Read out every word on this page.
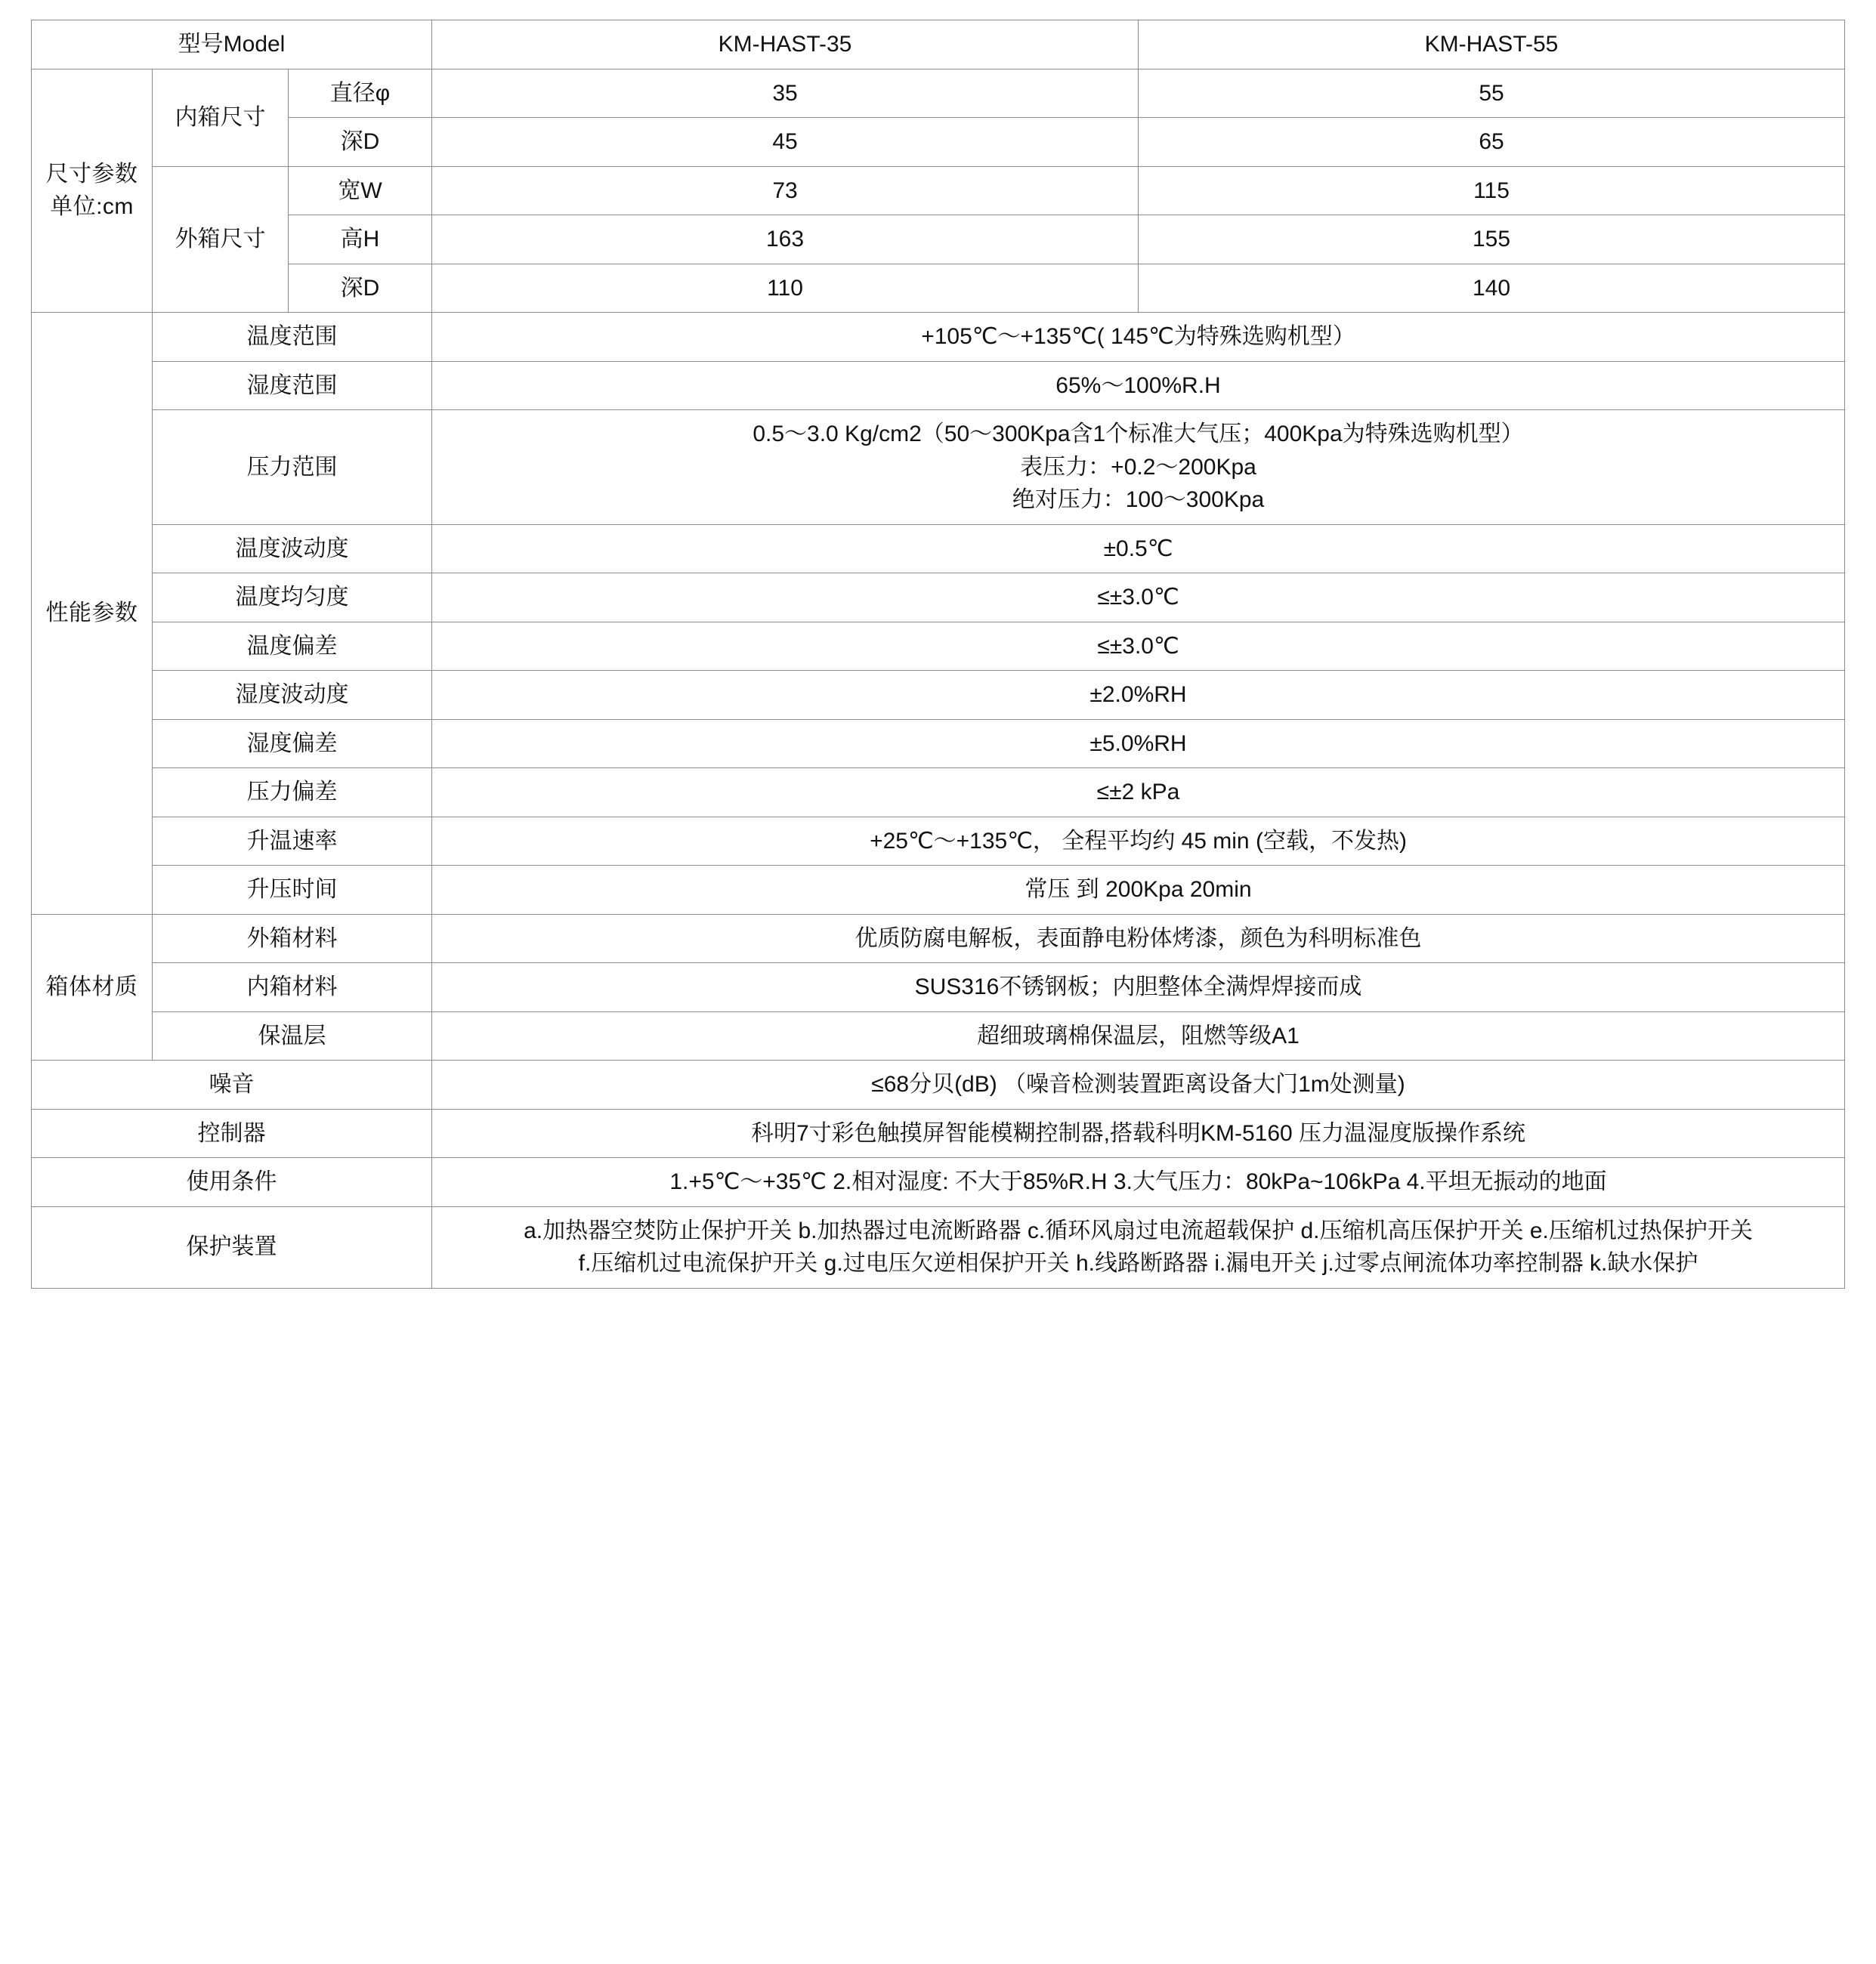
型号Model			KM-HAST-35	KM-HAST-55

尺寸参数
单位:cm	内箱尺寸	直径φ	35	55
		深D	45	65
	外箱尺寸	宽W	73	115
		高H	163	155
		深D	110	140
性能参数	温度范围		+105℃～+135℃( 145℃为特殊选购机型）	
	湿度范围		65%～100%R.H	
	压力范围		0.5～3.0 Kg/cm2（50～300Kpa含1个标准大气压；400Kpa为特殊选购机型）
表压力：+0.2～200Kpa
绝对压力：100～300Kpa	

	温度波动度		±0.5℃	
	温度均匀度		≤±3.0℃	
	温度偏差		≤±3.0℃	
	湿度波动度		±2.0%RH	
	湿度偏差		±5.0%RH	
	压力偏差		≤±2 kPa	
	升温速率		+25℃～+135℃， 全程平均约 45 min (空载，不发热)	
	升压时间		常压 到 200Kpa 20min	
箱体材质	外箱材料		优质防腐电解板，表面静电粉体烤漆，颜色为科明标准色	
	内箱材料		SUS316不锈钢板；内胆整体全满焊焊接而成	
	保温层		超细玻璃棉保温层，阻燃等级A1	
噪音			≤68分贝(dB) （噪音检测装置距离设备大门1m处测量)	
控制器			科明7寸彩色触摸屏智能模糊控制器,搭载科明KM-5160 压力温湿度版操作系统	
使用条件			1.+5℃～+35℃ 2.相对湿度: 不大于85%R.H 3.大气压力：80kPa~106kPa 4.平坦无振动的地面	
保护装置			a.加热器空焚防止保护开关 b.加热器过电流断路器 c.循环风扇过电流超载保护 d.压缩机高压保护开关 e.压缩机过热保护开关
f.压缩机过电流保护开关 g.过电压欠逆相保护开关 h.线路断路器 i.漏电开关 j.过零点闸流体功率控制器 k.缺水保护	
